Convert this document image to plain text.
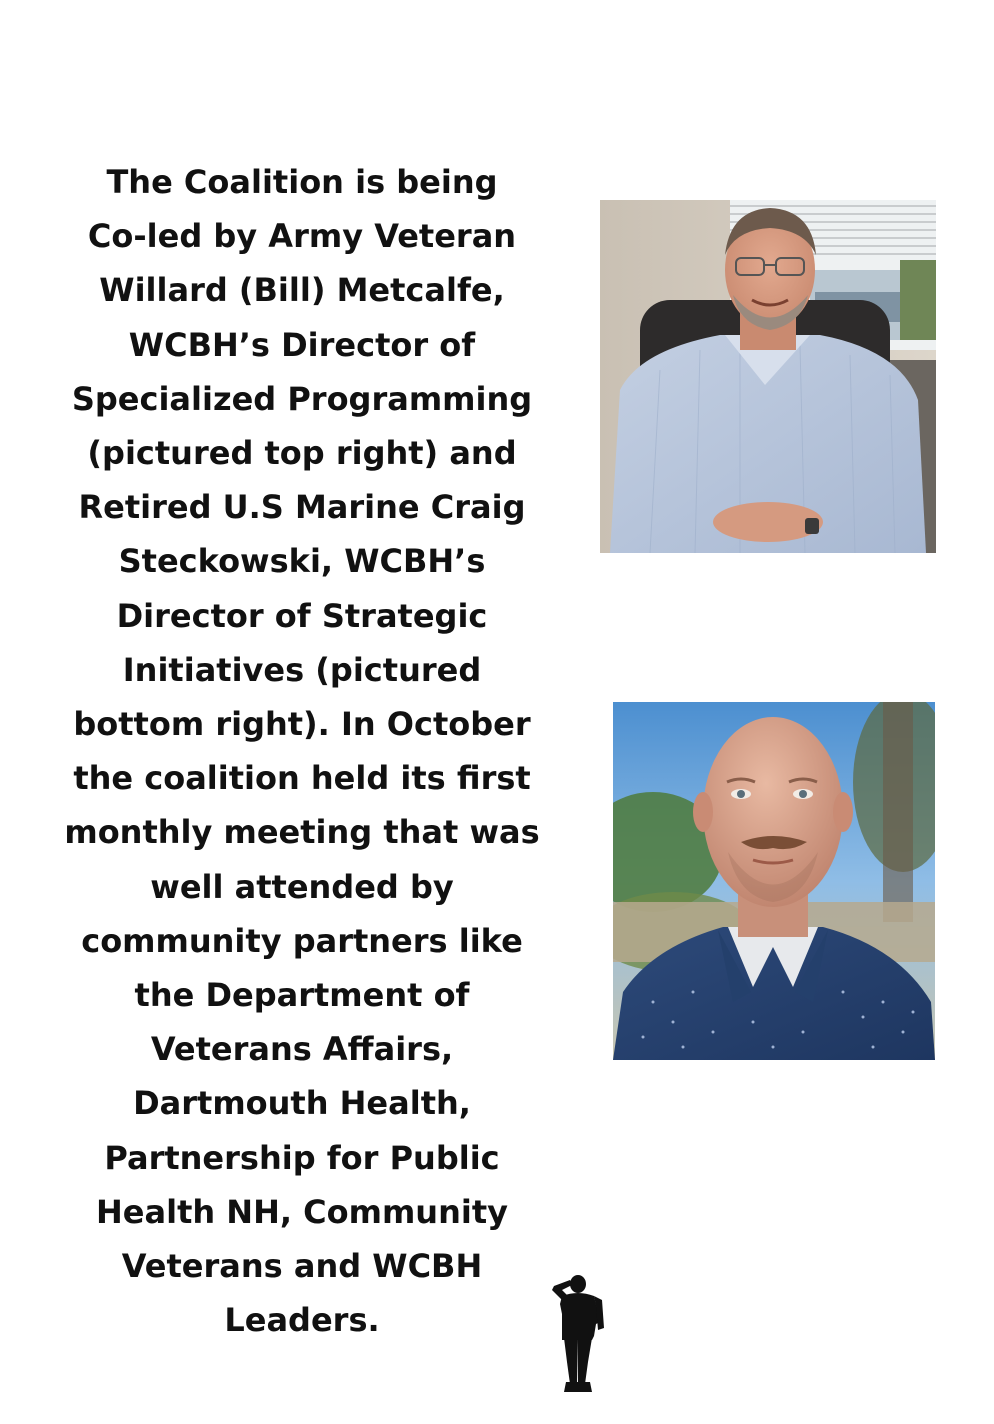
The Coalition is being
Co-led by Army Veteran
Willard (Bill) Metcalfe,
WCBH’s Director of
Specialized Programming
(pictured top right) and
Retired U.S Marine Craig
Steckowski, WCBH’s
Director of Strategic
Initiatives (pictured
bottom right). In October
the coalition held its first
monthly meeting that was
well attended by
community partners like
the Department of
Veterans Affairs,
Dartmouth Health,
Partnership for Public
Health NH, Community
Veterans and WCBH
Leaders.
